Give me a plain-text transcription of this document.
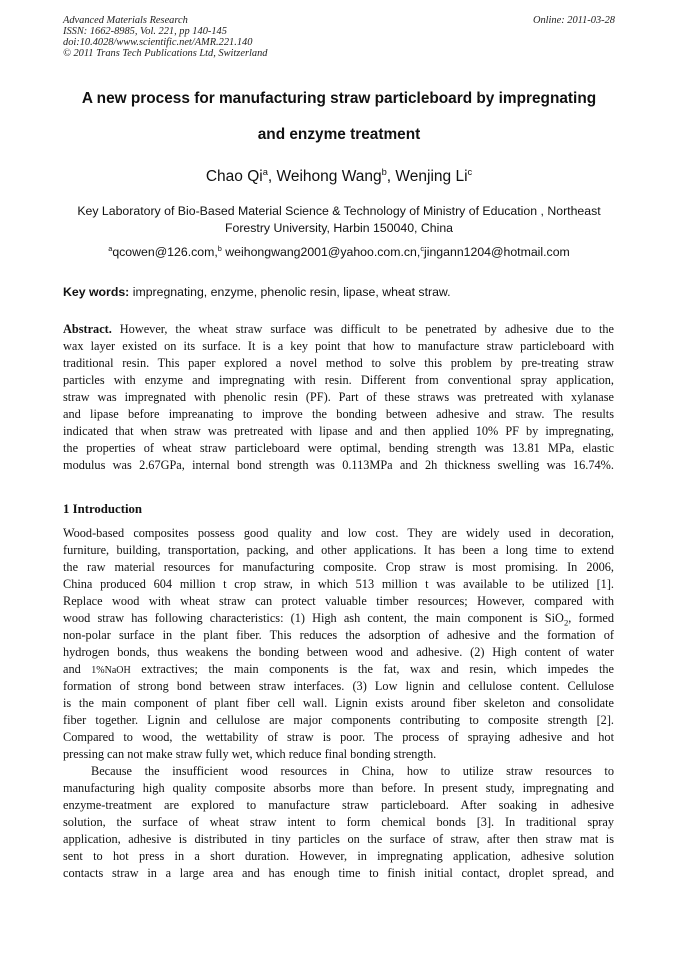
Advanced Materials Research

ISSN: 1662-8985, Vol. 221, pp 140-145

doi:10.4028/www.scientific.net/AMR.221.140

© 2011 Trans Tech Publications Ltd, Switzerland

Online: 2011-03-28

A new process for manufacturing straw particleboard by impregnating
and enzyme treatment

Chao Qi$^a$, Weihong Wang$^b$, Wenjing Li$^c$

Key Laboratory of Bio-Based Material Science & Technology of Ministry of Education , Northeast

Forestry University, Harbin 150040, China

$^a$qcowen@126.com,$^b$ weihongwang2001@yahoo.com.cn,$^c$jingann1204@hotmail.com

Key words: impregnating, enzyme, phenolic resin, lipase, wheat straw.

Abstract. However, the wheat straw surface was difficult to be penetrated by adhesive due to the
wax layer existed on its surface. It is a key point that how to manufacture straw particleboard with
traditional resin. This paper explored a novel method to solve this problem by pre-treating straw
particles with enzyme and impregnating with resin. Different from conventional spray application,
straw was impregnated with phenolic resin (PF). Part of these straws was pretreated with xylanase
and lipase before impreanating to improve the bonding between adhesive and straw. The results
indicated that when straw was pretreated with lipase and and then applied 10% PF by impregnating,
the properties of wheat straw particleboard were optimal, bending strength was 13.81 MPa, elastic
modulus was 2.67GPa, internal bond strength was 0.113MPa and 2h thickness swelling was 16.74%.
1 Introduction
Wood-based composites possess good quality and low cost. They are widely used in decoration,
furniture, building, transportation, packing, and other applications. It has been a long time to extend
the raw material resources for manufacturing composite. Crop straw is most promising. In 2006,
China produced 604 million t crop straw, in which 513 million t was available to be utilized [1].
Replace wood with wheat straw can protect valuable timber resources; However, compared with
wood straw has following characteristics: (1) High ash content, the main component is SiO$_2$, formed
non-polar surface in the plant fiber. This reduces the adsorption of adhesive and the formation of
hydrogen bonds, thus weakens the bonding between wood and adhesive. (2) High content of water
and 1%NaOH extractives; the main components is the fat, wax and resin, which impedes the
formation of strong bond between straw interfaces. (3) Low lignin and cellulose content. Cellulose
is the main component of plant fiber cell wall. Lignin exists around fiber skeleton and consolidate
fiber together. Lignin and cellulose are major components contributing to composite strength [2].
Compared to wood, the wettability of straw is poor. The process of spraying adhesive and hot
pressing can not make straw fully wet, which reduce final bonding strength.
Because the insufficient wood resources in China, how to utilize straw resources to
manufacturing high quality composite absorbs more than before. In present study, impregnating and
enzyme-treatment are explored to manufacture straw particleboard. After soaking in adhesive
solution, the surface of wheat straw intent to form chemical bonds [3]. In traditional spray
application, adhesive is distributed in tiny particles on the surface of straw, after then straw mat is
sent to hot press in a short duration. However, in impregnating application, adhesive solution
contacts straw in a large area and has enough time to finish initial contact, droplet spread, and
